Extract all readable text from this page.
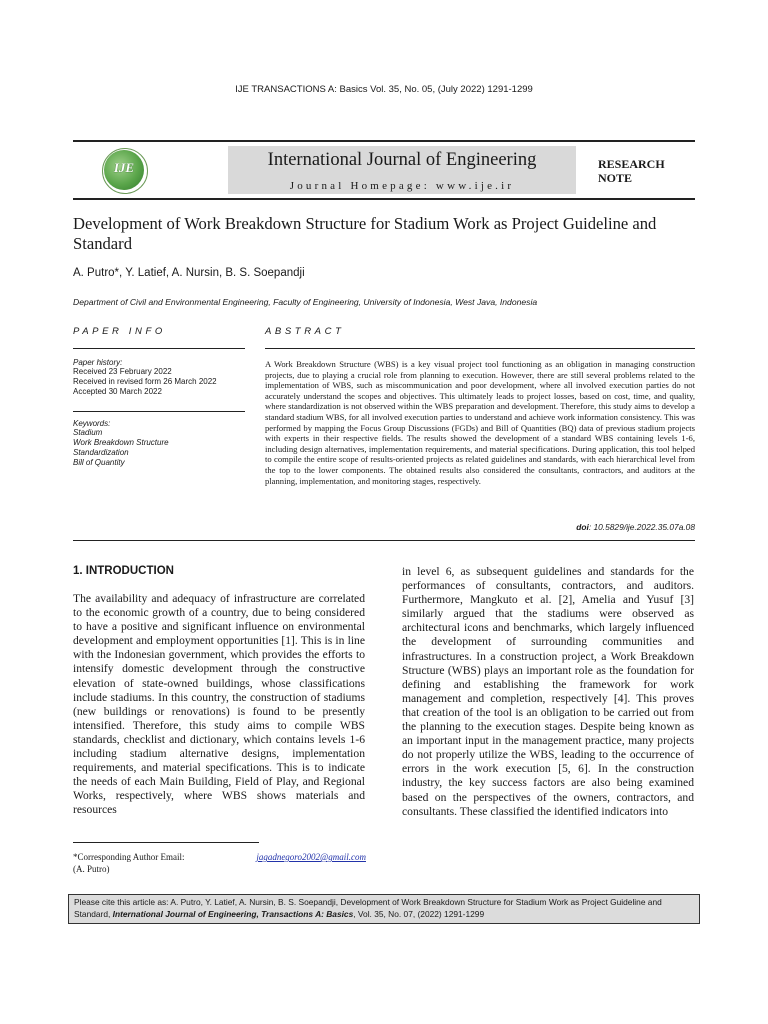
IJE TRANSACTIONS A: Basics Vol. 35, No. 05, (July 2022) 1291-1299
IJE	International Journal of Engineering
Journal Homepage: www.ije.ir
RESEARCH
NOTE
Development of Work Breakdown Structure for Stadium Work as Project Guideline and Standard
A. Putro*, Y. Latief, A. Nursin, B. S. Soepandji
Department of Civil and Environmental Engineering, Faculty of Engineering, University of Indonesia, West Java, Indonesia
PAPER INFO	ABSTRACT
Paper history:
Received 23 February 2022
Received in revised form 26 March 2022
Accepted 30 March 2022
Keywords:
Stadium
Work Breakdown Structure
Standardization
Bill of Quantity
A Work Breakdown Structure (WBS) is a key visual project tool functioning as an obligation in managing construction projects, due to playing a crucial role from planning to execution. However, there are still several problems related to the implementation of WBS, such as miscommunication and poor development, where all involved execution parties do not accurately understand the scopes and objectives. This ultimately leads to project losses, based on cost, time, and quality, where standardization is not observed within the WBS preparation and development. Therefore, this study aims to develop a standard stadium WBS, for all involved execution parties to understand and achieve work information consistency. This was performed by mapping the Focus Group Discussions (FGDs) and Bill of Quantities (BQ) data of previous stadium projects with experts in their respective fields. The results showed the development of a standard WBS containing levels 1-6, including design alternatives, implementation requirements, and material specifications. During application, this tool helped to compile the entire scope of results-oriented projects as related guidelines and standards, with each hierarchical level from the top to the lower components. The obtained results also considered the consultants, contractors, and auditors at the planning, implementation, and monitoring stages, respectively.
doi: 10.5829/ije.2022.35.07a.08
1. INTRODUCTION
The availability and adequacy of infrastructure are correlated to the economic growth of a country, due to being considered to have a positive and significant influence on environmental development and employment opportunities [1]. This is in line with the Indonesian government, which provides the efforts to intensify domestic development through the constructive elevation of state-owned buildings, whose classifications include stadiums. In this country, the construction of stadiums (new buildings or renovations) is found to be presently intensified. Therefore, this study aims to compile WBS standards, checklist and dictionary, which contains levels 1-6 including stadium alternative designs, implementation requirements, and material specifications. This is to indicate the needs of each Main Building, Field of Play, and Regional Works, respectively, where WBS shows materials and resources
in level 6, as subsequent guidelines and standards for the performances of consultants, contractors, and auditors. Furthermore, Mangkuto et al. [2], Amelia and Yusuf [3] similarly argued that the stadiums were observed as architectural icons and benchmarks, which largely influenced the development of surrounding communities and infrastructures. In a construction project, a Work Breakdown Structure (WBS) plays an important role as the foundation for defining and establishing the framework for work management and completion, respectively [4]. This proves that creation of the tool is an obligation to be carried out from the planning to the execution stages. Despite being known as an important input in the management practice, many projects do not properly utilize the WBS, leading to the occurrence of errors in the work execution [5, 6]. In the construction industry, the key success factors are also being examined based on the perspectives of the owners, contractors, and consultants. These classified the identified indicators into
*Corresponding Author Email:	jagadnegoro2002@gmail.com
(A. Putro)
Please cite this article as: A. Putro, Y. Latief, A. Nursin, B. S. Soepandji, Development of Work Breakdown Structure for Stadium Work as Project Guideline and Standard, International Journal of Engineering, Transactions A: Basics, Vol. 35, No. 07, (2022) 1291-1299
